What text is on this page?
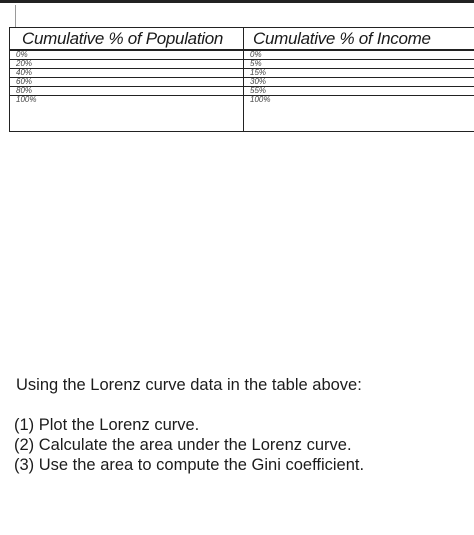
Cumulative % of Population	Cumulative % of Income
0%	0%
20%	5%
40%	15%
60%	30%
80%	55%
100%	100%
Using the Lorenz curve data in the table above:
(1) Plot the Lorenz curve.
(2) Calculate the area under the Lorenz curve.
(3) Use the area to compute the Gini coefficient.
